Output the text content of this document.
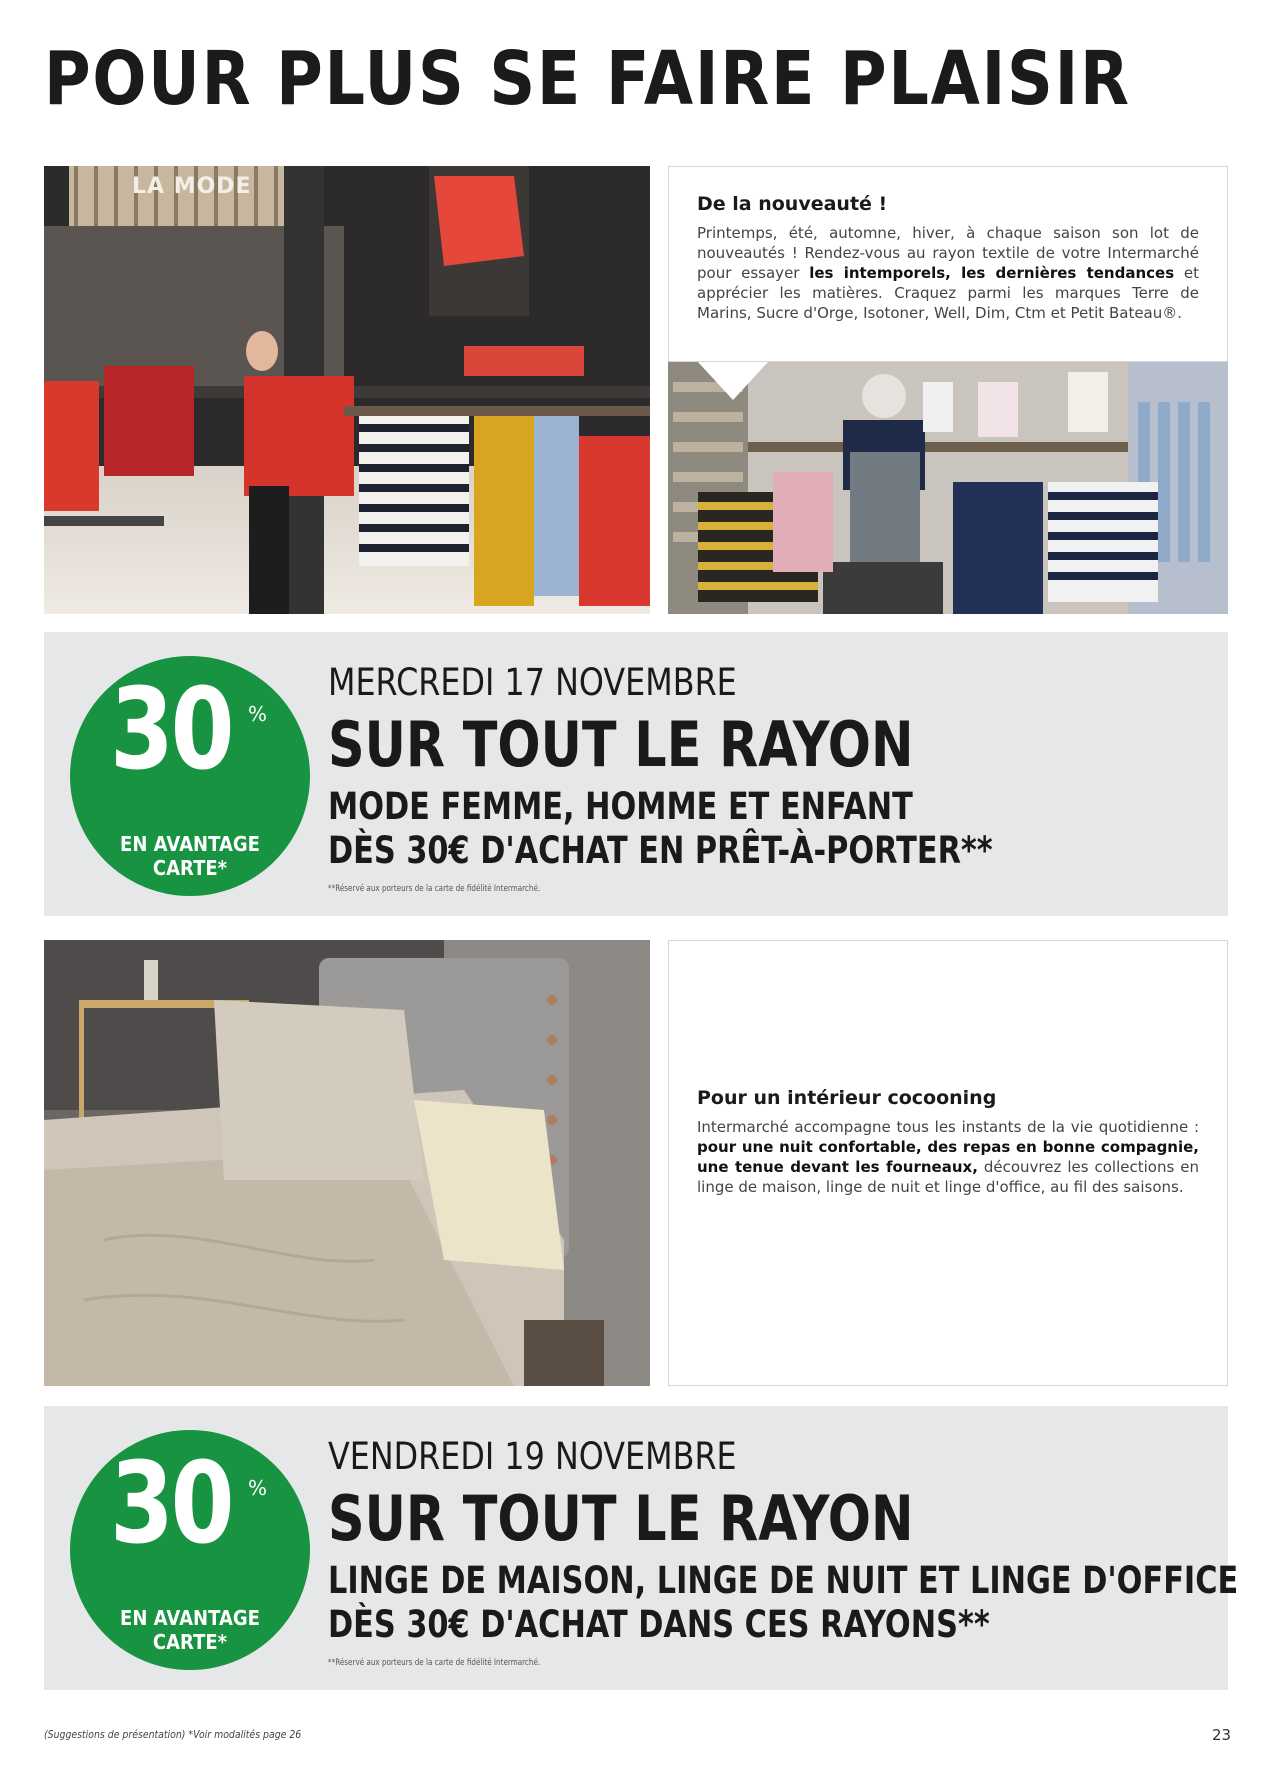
POUR PLUS SE FAIRE PLAISIR
LA MODE

De la nouveauté !

Printemps, été, automne, hiver, à chaque saison son lot de nouveautés ! Rendez-vous au rayon textile de votre Intermarché pour essayer les intemporels, les dernières tendances et apprécier les matières. Craquez parmi les marques Terre de Marins, Sucre d'Orge, Isotoner, Well, Dim, Ctm et Petit Bateau®.

30 %
EN AVANTAGE
CARTE*
MERCREDI 17 NOVEMBRE
SUR TOUT LE RAYON
MODE FEMME, HOMME ET ENFANT
DÈS 30€ D'ACHAT EN PRÊT-À-PORTER**
**Réservé aux porteurs de la carte de fidélité Intermarché.

Pour un intérieur cocooning

Intermarché accompagne tous les instants de la vie quotidienne : pour une nuit confortable, des repas en bonne compagnie, une tenue devant les fourneaux, découvrez les collections en linge de maison, linge de nuit et linge d'office, au fil des saisons.

30 %
EN AVANTAGE
CARTE*
VENDREDI 19 NOVEMBRE
SUR TOUT LE RAYON
LINGE DE MAISON, LINGE DE NUIT ET LINGE D'OFFICE
DÈS 30€ D'ACHAT DANS CES RAYONS**
**Réservé aux porteurs de la carte de fidélité Intermarché.
(Suggestions de présentation) *Voir modalités page 26	23
